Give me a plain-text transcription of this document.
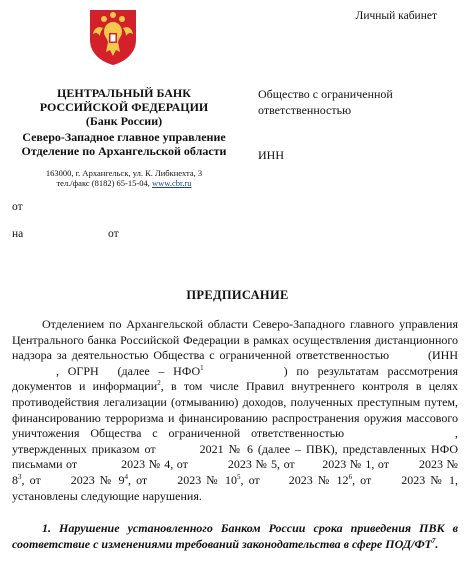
Личный кабинет
ЦЕНТРАЛЬНЫЙ БАНК
РОССИЙСКОЙ ФЕДЕРАЦИИ
(Банк России)
Северо-Западное главное управление
Отделение по Архангельской области
163000, г. Архангельск, ул. К. Либкнехта, 3
тел./факс (8182) 65-15-04, www.cbr.ru
Общество с ограниченной ответственностью
ИНН
от
на	от
ПРЕДПИСАНИЕ

Отделением по Архангельской области Северо-Западного главного управления Центрального банка Российской Федерации в рамках осуществления дистанционного надзора за деятельностью Общества с ограниченной ответственностью	(ИНН, ОГРН (далее – НФО$^1$	) по результатам рассмотрения документов и информации$^2$, в том числе Правил внутреннего контроля в целях противодействия легализации (отмыванию) доходов, полученных преступным путем, финансированию терроризма и финансированию распространения оружия массового уничтожения Общества с ограниченной ответственностью	, утвержденных приказом от	2021 № 6 (далее – ПВК), представленных НФО письмами от	2023 № 4, от	2023 № 5, от 2023 № 1, от	2023 № $8^3$, от	2023 № $9^4$, от	2023 № $10^5$, от 2023 № $12^6$, от	2023 № 1, установлены следующие нарушения.

1. Нарушение установленного Банком России срока приведения ПВК в соответствие с изменениями требований законодательства в сфере ПОД/$ФТ^7$.
